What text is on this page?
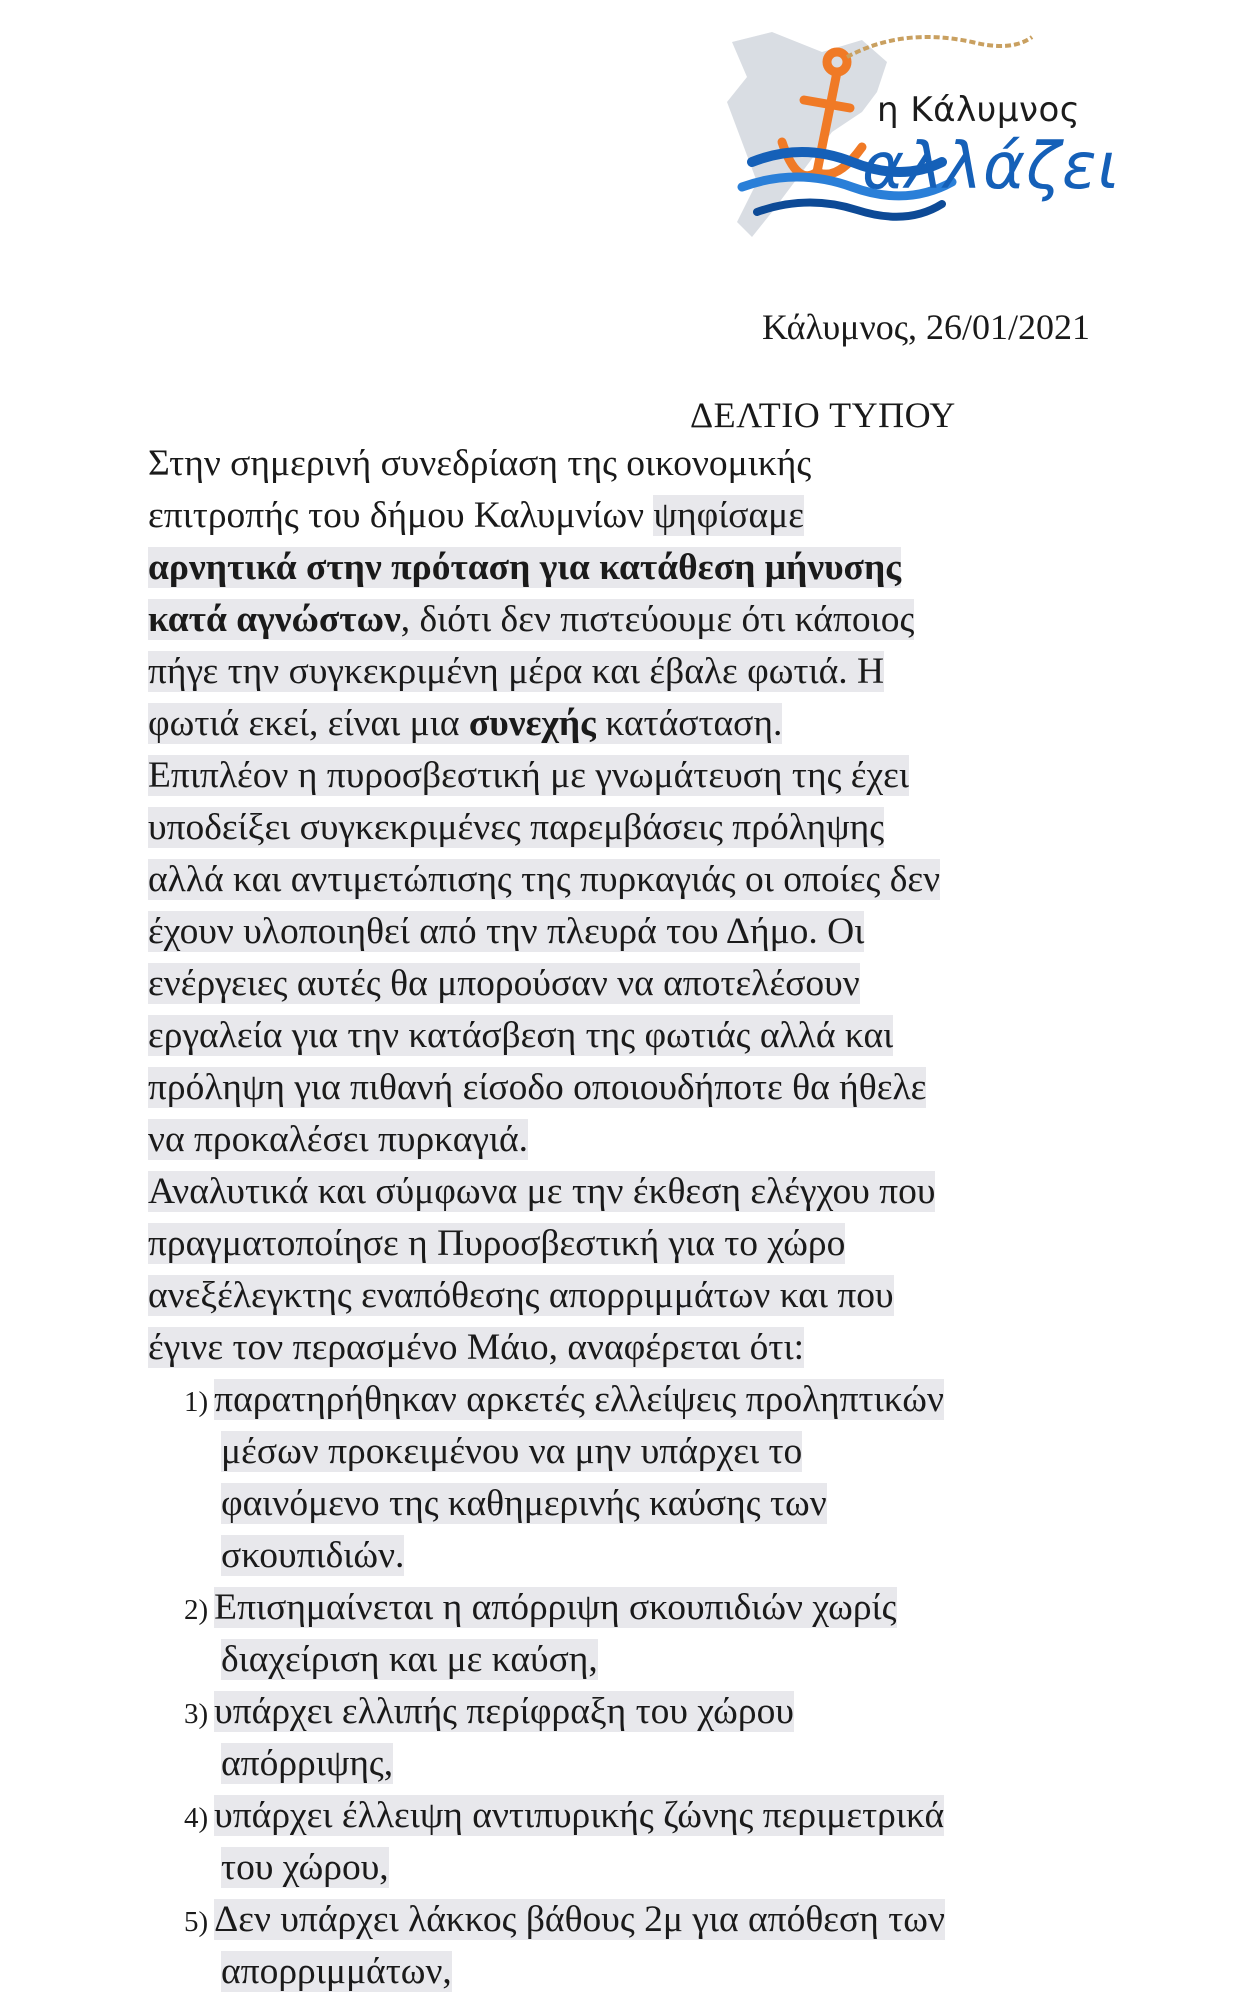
η Κάλυμνος
αλλάζει
Κάλυμνος, 26/01/2021
ΔΕΛΤΙΟ ΤΥΠΟΥ
Στην σημερινή συνεδρίαση της οικονομικής
επιτροπής του δήμου Καλυμνίων ψηφίσαμε
αρνητικά στην πρόταση για κατάθεση μήνυσης
κατά αγνώστων, διότι δεν πιστεύουμε ότι κάποιος
πήγε την συγκεκριμένη μέρα και έβαλε φωτιά. Η
φωτιά εκεί, είναι μια συνεχής κατάσταση.
Επιπλέον η πυροσβεστική με γνωμάτευση της έχει
υποδείξει συγκεκριμένες παρεμβάσεις πρόληψης
αλλά και αντιμετώπισης της πυρκαγιάς οι οποίες δεν
έχουν υλοποιηθεί από την πλευρά του Δήμο. Οι
ενέργειες αυτές θα μπορούσαν να αποτελέσουν
εργαλεία για την κατάσβεση της φωτιάς αλλά και
πρόληψη για πιθανή είσοδο οποιουδήποτε θα ήθελε
να προκαλέσει πυρκαγιά.
Αναλυτικά και σύμφωνα με την έκθεση ελέγχου που
πραγματοποίησε η Πυροσβεστική για το χώρο
ανεξέλεγκτης εναπόθεσης απορριμμάτων και που
έγινε τον περασμένο Μάιο, αναφέρεται ότι:
1) παρατηρήθηκαν αρκετές ελλείψεις προληπτικών
μέσων προκειμένου να μην υπάρχει το
φαινόμενο της καθημερινής καύσης των
σκουπιδιών.
2) Επισημαίνεται η απόρριψη σκουπιδιών χωρίς
διαχείριση και με καύση,
3) υπάρχει ελλιπής περίφραξη του χώρου
απόρριψης,
4) υπάρχει έλλειψη αντιπυρικής ζώνης περιμετρικά
του χώρου,
5) Δεν υπάρχει λάκκος βάθους 2μ για απόθεση των
απορριμμάτων,
